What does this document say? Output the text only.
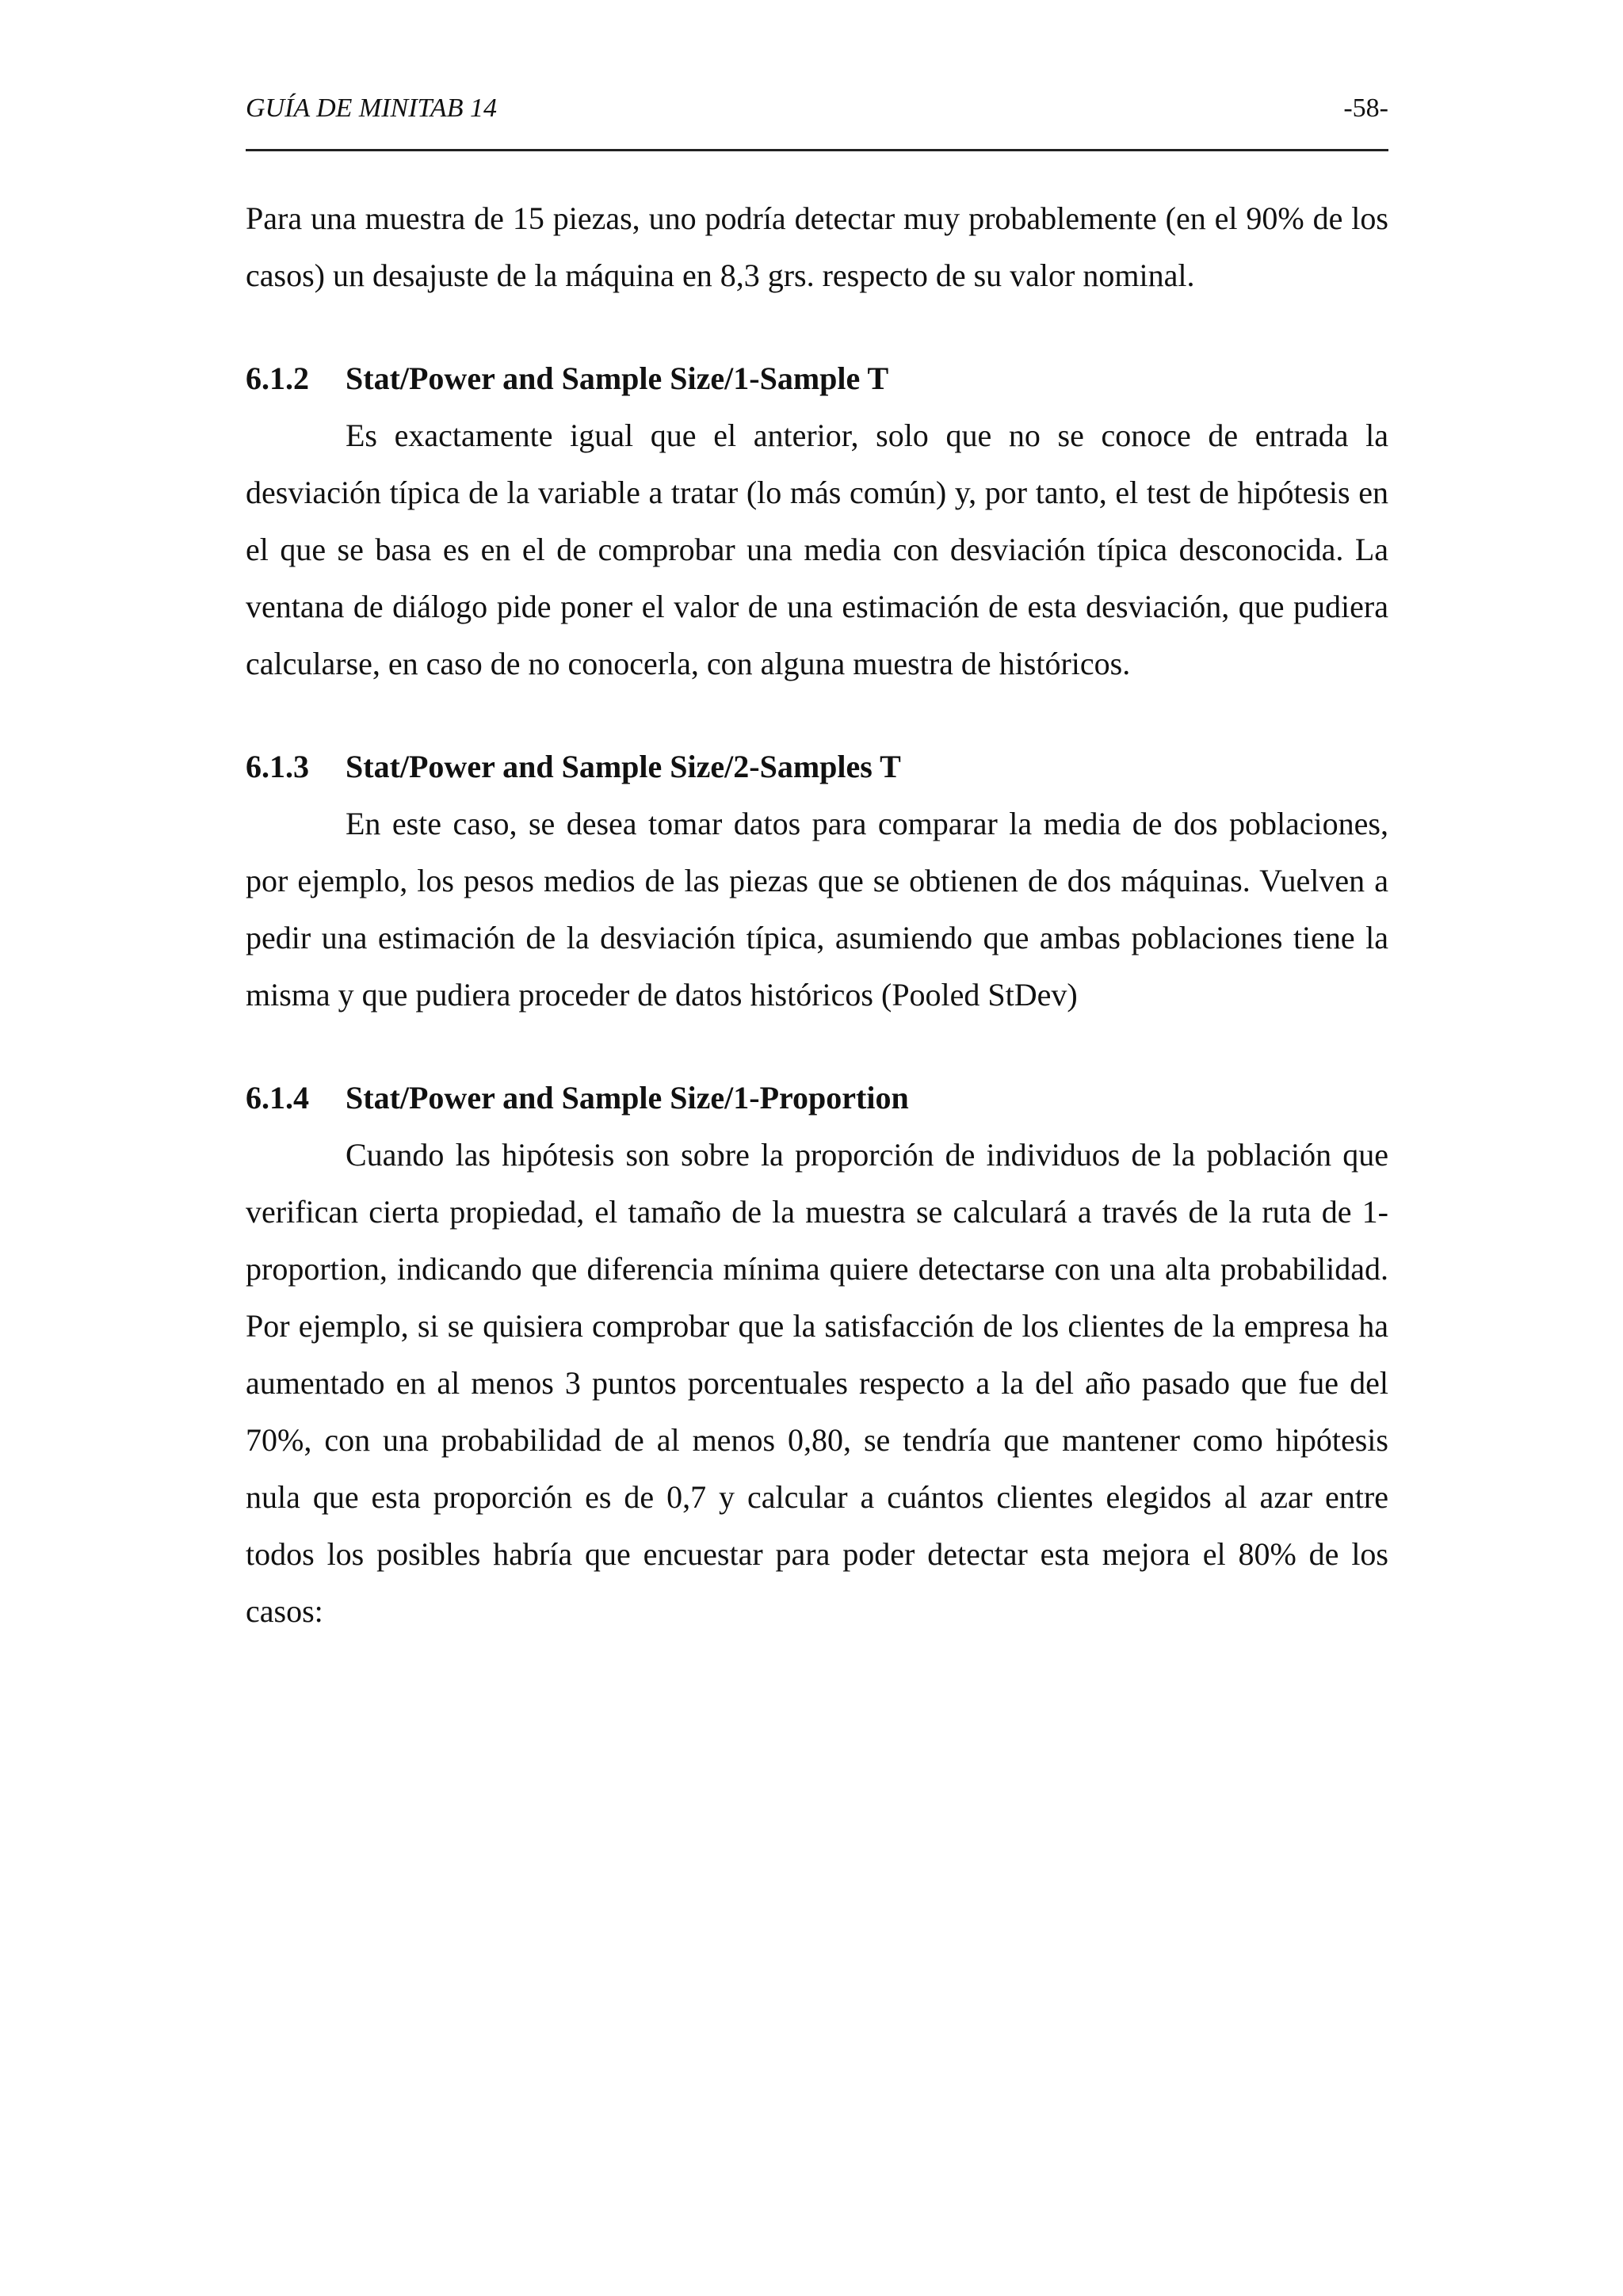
GUÍA DE MINITAB 14	-58-

Para una muestra de 15 piezas, uno podría detectar muy probablemente (en el 90% de los casos) un desajuste de la máquina en 8,3 grs. respecto de su valor nominal.

6.1.2 Stat/Power and Sample Size/1-Sample T

Es exactamente igual que el anterior, solo que no se conoce de entrada la desviación típica de la variable a tratar (lo más común) y, por tanto, el test de hipótesis en el que se basa es en el de comprobar una media con desviación típica desconocida. La ventana de diálogo pide poner el valor de una estimación de esta desviación, que pudiera calcularse, en caso de no conocerla, con alguna muestra de históricos.

6.1.3 Stat/Power and Sample Size/2-Samples T

En este caso, se desea tomar datos para comparar la media de dos poblaciones, por ejemplo, los pesos medios de las piezas que se obtienen de dos máquinas. Vuelven a pedir una estimación de la desviación típica, asumiendo que ambas poblaciones tiene la misma y que pudiera proceder de datos históricos (Pooled StDev)

6.1.4 Stat/Power and Sample Size/1-Proportion

Cuando las hipótesis son sobre la proporción de individuos de la población que verifican cierta propiedad, el tamaño de la muestra se calculará a través de la ruta de 1-proportion, indicando que diferencia mínima quiere detectarse con una alta probabilidad. Por ejemplo, si se quisiera comprobar que la satisfacción de los clientes de la empresa ha aumentado en al menos 3 puntos porcentuales respecto a la del año pasado que fue del 70%, con una probabilidad de al menos 0,80, se tendría que mantener como hipótesis nula que esta proporción es de 0,7 y calcular a cuántos clientes elegidos al azar entre todos los posibles habría que encuestar para poder detectar esta mejora el 80% de los casos:
